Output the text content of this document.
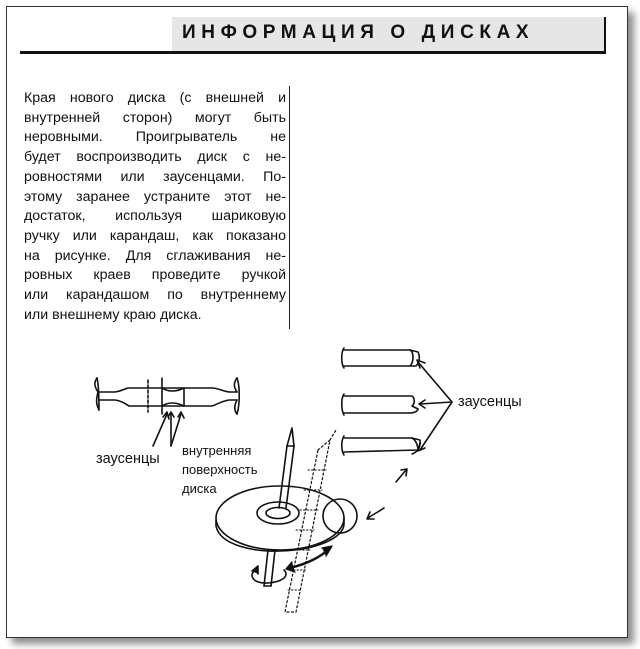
ИНФОРМАЦИЯ О ДИСКАХ
Края нового диска (с внешней и
внутренней сторон) могут быть
неровными. Проигрыватель не
будет воспроизводить диск с не-
ровностями или заусенцами. По-
этому заранее устраните этот не-
достаток, используя шариковую
ручку или карандаш, как показано
на рисунке. Для сглаживания не-
ровных краев проведите ручкой
или карандашом по внутреннему
или внешнему краю диска.
заусенцы
внутренняя
поверхность
диска
заусенцы
